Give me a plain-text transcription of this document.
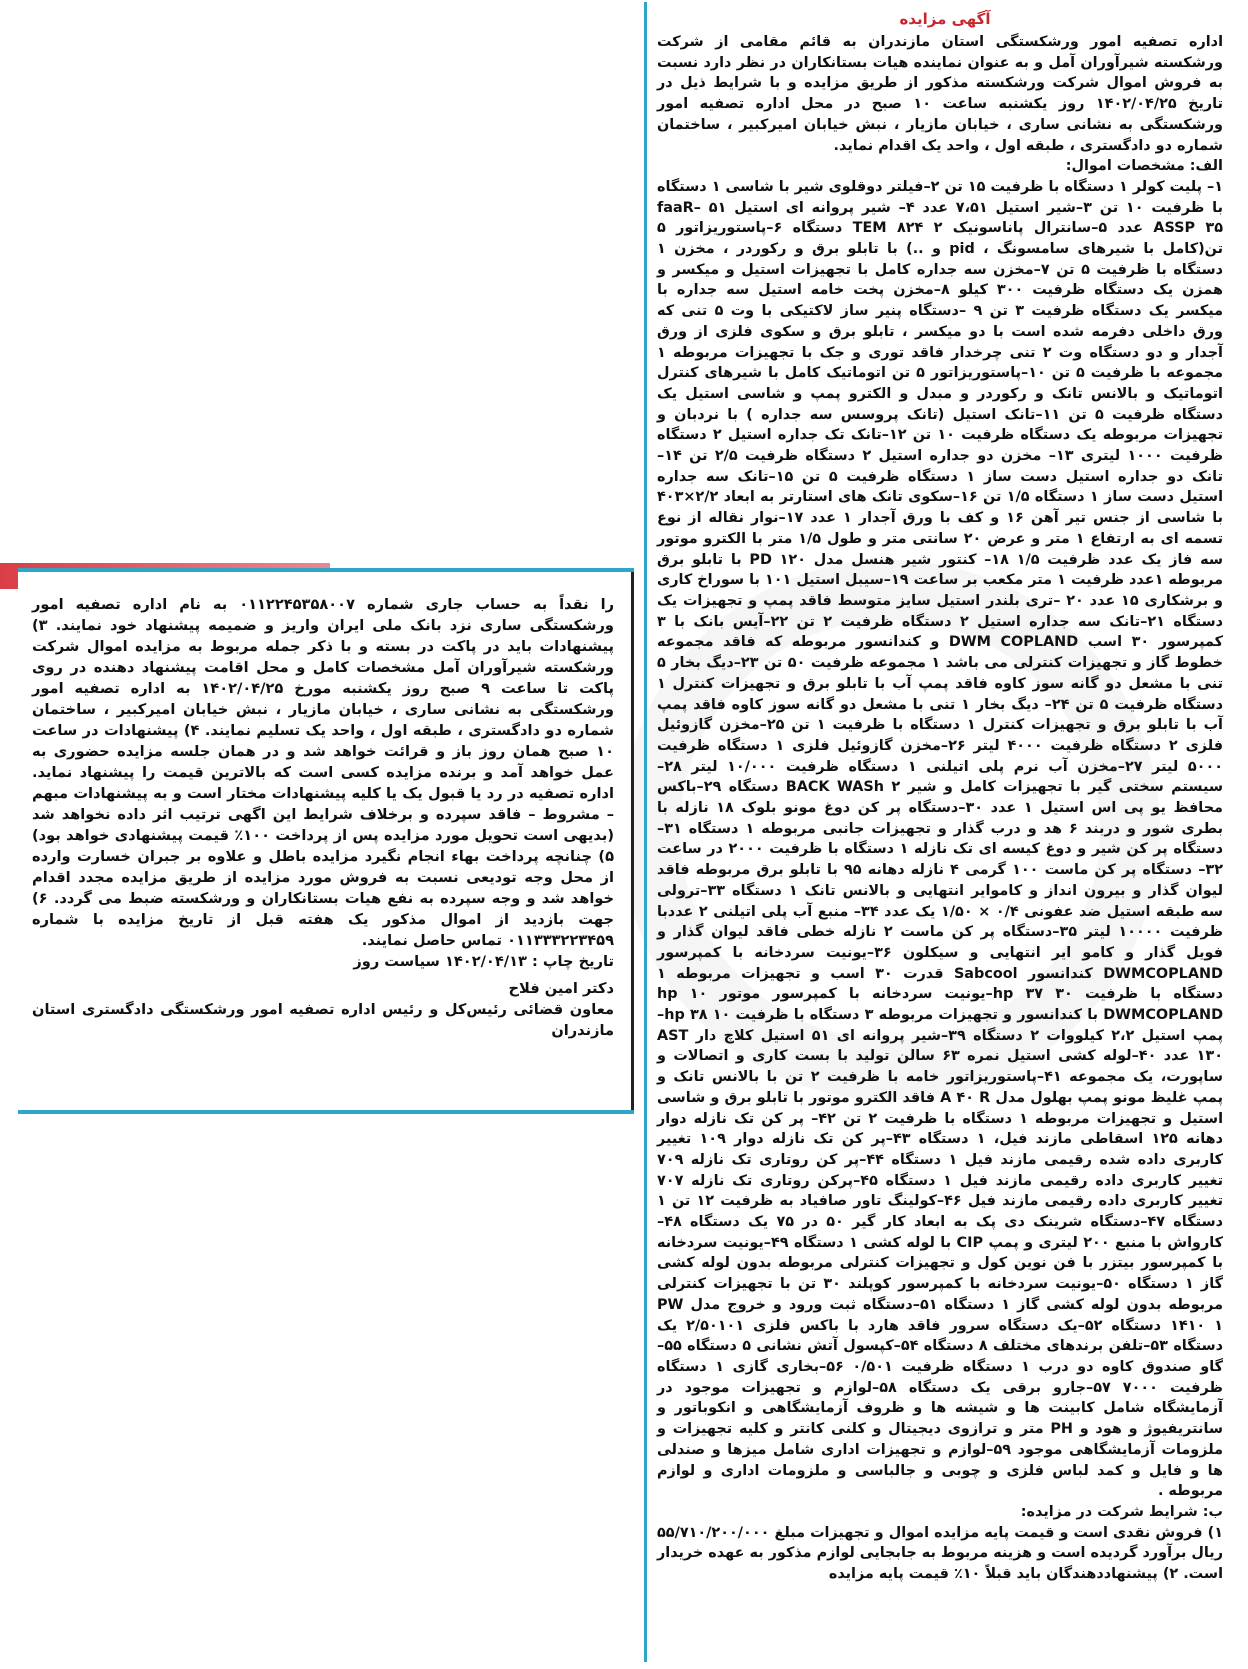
را نقداً به حساب جاری شماره ۰۱۱۲۲۴۵۳۵۸۰۰۷ به نام اداره تصفیه امور ورشکستگی ساری نزد بانک ملی ایران واریز و ضمیمه پیشنهاد خود نمایند. ۳) پیشنهادات باید در پاکت در بسته و با ذکر جمله مربوط به مزایده اموال شرکت ورشکسته شیرآوران آمل مشخصات کامل و محل اقامت پیشنهاد دهنده در روی پاکت تا ساعت ۹ صبح روز یکشنبه مورخ ۱۴۰۲/۰۴/۲۵ به اداره تصفیه امور ورشکستگی به نشانی ساری ، خیابان مازیار ، نبش خیابان امیرکبیر ، ساختمان شماره دو دادگستری ، طبقه اول ، واحد یک تسلیم نمایند. ۴) پیشنهادات در ساعت ۱۰ صبح همان روز باز و قرائت خواهد شد و در همان جلسه مزایده حضوری به عمل خواهد آمد و برنده مزایده کسی است که بالاترین قیمت را پیشنهاد نماید. اداره تصفیه در رد یا قبول یک یا کلیه پیشنهادات مختار است و به پیشنهادات مبهم – مشروط – فاقد سپرده و برخلاف شرایط این اگهی ترتیب اثر داده نخواهد شد (بدیهی است تحویل مورد مزایده پس از پرداخت ۱۰۰٪ قیمت پیشنهادی خواهد بود) ۵) چنانچه پرداخت بهاء انجام نگیرد مزایده باطل و علاوه بر جبران خسارت وارده از محل وجه تودیعی نسبت به فروش مورد مزایده از طریق مزایده مجدد اقدام خواهد شد و وجه سپرده به نفع هیات بستانکاران و ورشکسته ضبط می گردد. ۶) جهت بازدید از اموال مذکور یک هفته قبل از تاریخ مزایده با شماره ۰۱۱۳۳۳۲۲۳۴۵۹ تماس حاصل نمایند.

تاریخ چاپ : ۱۴۰۲/۰۴/۱۳ سیاست روز

دکتر امین فلاح
معاون قضائی رئیس‌کل و رئیس اداره تصفیه امور ورشکستگی دادگستری استان مازندران
آگهی مزایده

اداره تصفیه امور ورشکستگی استان مازندران به قائم مقامی از شرکت ورشکسته شیرآوران آمل و به عنوان نماینده هیات بستانکاران در نظر دارد نسبت به فروش اموال شرکت ورشکسته مذکور از طریق مزایده و با شرایط ذیل در تاریخ ۱۴۰۲/۰۴/۲۵ روز یکشنبه ساعت ۱۰ صبح در محل اداره تصفیه امور ورشکستگی به نشانی ساری ، خیابان مازیار ، نبش خیابان امیرکبیر ، ساختمان شماره دو دادگستری ، طبقه اول ، واحد یک اقدام نماید.

الف: مشخصات اموال:

۱– پلیت کولر ۱ دستگاه با ظرفیت ۱۵ تن ۲–فیلتر دوقلوی شیر با شاسی ۱ دستگاه با ظرفیت ۱۰ تن ۳–شیر استیل ۷،۵۱ عدد ۴– شیر پروانه ای استیل ۵۱ faaR– ASSP ۳۵ عدد ۵–سانترال پاناسونیک TEM ۸۲۴ ۲ دستگاه ۶–پاستوریزاتور ۵ تن(کامل با شیرهای سامسونگ ، pid و ..) با تابلو برق و رکوردر ، مخزن ۱ دستگاه با ظرفیت ۵ تن ۷–مخزن سه جداره کامل با تجهیزات استیل و میکسر و همزن یک دستگاه ظرفیت ۳۰۰ کیلو ۸–مخزن پخت خامه استیل سه جداره با میکسر یک دستگاه ظرفیت ۳ تن ۹ –دستگاه پنیر ساز لاکتیکی با وت ۵ تنی که ورق داخلی دفرمه شده است با دو میکسر ، تابلو برق و سکوی فلزی از ورق آجدار و دو دستگاه وت ۲ تنی چرخدار فاقد توری و جک با تجهیزات مربوطه ۱ مجموعه با ظرفیت ۵ تن ۱۰–پاستوریزاتور ۵ تن اتوماتیک کامل با شیرهای کنترل اتوماتیک و بالانس تانک و رکوردر و مبدل و الکترو پمپ و شاسی استیل یک دستگاه ظرفیت ۵ تن ۱۱–تانک استیل (تانک پروسس سه جداره ) با نردبان و تجهیزات مربوطه یک دستگاه ظرفیت ۱۰ تن ۱۲–تانک تک جداره استیل ۲ دستگاه ظرفیت ۱۰۰۰ لیتری ۱۳– مخزن دو جداره استیل ۲ دستگاه ظرفیت ۲/۵ تن ۱۴–تانک دو جداره استیل دست ساز ۱ دستگاه ظرفیت ۵ تن ۱۵–تانک سه جداره استیل دست ساز ۱ دستگاه ۱/۵ تن ۱۶–سکوی تانک های استارتر به ابعاد ۲/۲×۴۰۳ با شاسی از جنس تیر آهن ۱۶ و کف با ورق آجدار ۱ عدد ۱۷–نوار نقاله از نوع تسمه ای به ارتفاع ۱ متر و عرض ۲۰ سانتی متر و طول ۱/۵ متر با الکترو موتور سه فاز یک عدد ظرفیت ۱/۵ ۱۸– کنتور شیر هنسل مدل PD ۱۲۰ با تابلو برق مربوطه ۱عدد ظرفیت ۱ متر مکعب بر ساعت ۱۹–سیبل استیل ۱۰۱ با سوراخ کاری و برشکاری ۱۵ عدد ۲۰ –تری بلندر استیل سایز متوسط فاقد پمپ و تجهیزات یک دستگاه ۲۱–تانک سه جداره استیل ۲ دستگاه ظرفیت ۲ تن ۲۲–آیس بانک با ۳ کمپرسور ۳۰ اسب DWM COPLAND و کندانسور مربوطه که فاقد مجموعه خطوط گاز و تجهیزات کنترلی می باشد ۱ مجموعه ظرفیت ۵۰ تن ۲۳–دیگ بخار ۵ تنی با مشعل دو گانه سوز کاوه فاقد پمپ آب با تابلو برق و تجهیزات کنترل ۱ دستگاه ظرفیت ۵ تن ۲۴– دیگ بخار ۱ تنی با مشعل دو گانه سوز کاوه فاقد پمپ آب با تابلو برق و تجهیزات کنترل ۱ دستگاه با ظرفیت ۱ تن ۲۵–مخزن گازوئیل فلزی ۲ دستگاه ظرفیت ۴۰۰۰ لیتر ۲۶–مخزن گازوئیل فلزی ۱ دستگاه ظرفیت ۵۰۰۰ لیتر ۲۷–مخزن آب نرم پلی اتیلنی ۱ دستگاه ظرفیت ۱۰/۰۰۰ لیتر ۲۸– سیستم سختی گیر با تجهیزات کامل و شیر BACK WASh ۲ دستگاه ۲۹–باکس محافظ یو پی اس استیل ۱ عدد ۳۰–دستگاه پر کن دوغ مونو بلوک ۱۸ نازله با بطری شور و دربند ۶ هد و درب گذار و تجهیزات جانبی مربوطه ۱ دستگاه ۳۱– دستگاه پر کن شیر و دوغ کیسه ای تک نازله ۱ دستگاه با ظرفیت ۲۰۰۰ در ساعت ۳۲– دستگاه پر کن ماست ۱۰۰ گرمی ۴ نازله دهانه ۹۵ با تابلو برق مربوطه فاقد لیوان گذار و بیرون انداز و کاموایر انتهایی و بالانس تانک ۱ دستگاه ۳۳–ترولی سه طبقه استیل ضد عفونی ۰/۴ × ۱/۵۰ یک عدد ۳۴– منبع آب پلی اتیلنی ۲ عددبا ظرفیت ۱۰۰۰۰ لیتر ۳۵–دستگاه پر کن ماست ۲ نازله خطی فاقد لیوان گذار و فویل گذار و کامو ایر انتهایی و سیکلون ۳۶–یونیت سردخانه با کمپرسور DWMCOPLAND کندانسور Sabcool قدرت ۳۰ اسب و تجهیزات مربوطه ۱ دستگاه با ظرفیت ۳۰ hp ۳۷–یونیت سردخانه با کمپرسور موتور ۱۰ hp DWMCOPLAND با کندانسور و تجهیزات مربوطه ۳ دستگاه با ظرفیت ۱۰ hp ۳۸–پمپ استیل ۲،۲ کیلووات ۲ دستگاه ۳۹–شیر پروانه ای ۵۱ استیل کلاچ دار AST ۱۳۰ عدد ۴۰–لوله کشی استیل نمره ۶۳ سالن تولید با بست کاری و اتصالات و ساپورت، یک مجموعه ۴۱–پاستوریزاتور خامه با ظرفیت ۲ تن با بالانس تانک و پمپ غلیظ مونو پمپ بهلول مدل A ۴۰ R فاقد الکترو موتور با تابلو برق و شاسی استیل و تجهیزات مربوطه ۱ دستگاه با ظرفیت ۲ تن ۴۲– پر کن تک نازله دوار دهانه ۱۲۵ اسقاطی مازند فیل، ۱ دستگاه ۴۳–پر کن تک نازله دوار ۱۰۹ تغییر کاربری داده شده رقیمی مازند فیل ۱ دستگاه ۴۴–پر کن روتاری تک نازله ۷۰۹ تغییر کاربری داده رقیمی مازند فیل ۱ دستگاه ۴۵–پرکن روتاری تک نازله ۷۰۷ تغییر کاربری داده رقیمی مازند فیل ۴۶–کولینگ تاور صافیاد به ظرفیت ۱۲ تن ۱ دستگاه ۴۷–دستگاه شرینک دی پک به ابعاد کار گیر ۵۰ در ۷۵ یک دستگاه ۴۸–کارواش با منبع ۲۰۰ لیتری و پمپ CIP با لوله کشی ۱ دستگاه ۴۹–یونیت سردخانه با کمپرسور بیتزر با فن نوین کول و تجهیزات کنترلی مربوطه بدون لوله کشی گاز ۱ دستگاه ۵۰–یونیت سردخانه با کمپرسور کوپلند ۳۰ تن با تجهیزات کنترلی مربوطه بدون لوله کشی گاز ۱ دستگاه ۵۱–دستگاه ثبت ورود و خروج مدل PW ۱۴۱۰ ۱ دستگاه ۵۲–یک دستگاه سرور فاقد هارد با باکس فلزی ۲/۵۰۱۰۱ یک دستگاه ۵۳–تلفن برندهای مختلف ۸ دستگاه ۵۴–کپسول آتش نشانی ۵ دستگاه ۵۵–گاو صندوق کاوه دو درب ۱ دستگاه ظرفیت ۰/۵۰۱ ۵۶–بخاری گازی ۱ دستگاه ظرفیت ۷۰۰۰ ۵۷–جارو برقی یک دستگاه ۵۸–لوازم و تجهیزات موجود در آزمایشگاه شامل کابینت ها و شیشه ها و ظروف آزمایشگاهی و انکوباتور و سانتریفیوژ و هود و PH متر و ترازوی دیجیتال و کلنی کانتر و کلیه تجهیزات و ملزومات آزمایشگاهی موجود ۵۹–لوازم و تجهیزات اداری شامل میزها و صندلی ها و فایل و کمد لباس فلزی و چوبی و جالباسی و ملزومات اداری و لوازم مربوطه .

ب: شرایط شرکت در مزایده:

۱) فروش نقدی است و قیمت پایه مزایده اموال و تجهیزات مبلغ ۵۵/۷۱۰/۲۰۰/۰۰۰ ریال برآورد گردیده است و هزینه مربوط به جابجایی لوازم مذکور به عهده خریدار است. ۲) پیشنهاددهندگان باید قبلاً ۱۰٪ قیمت پایه مزایده
